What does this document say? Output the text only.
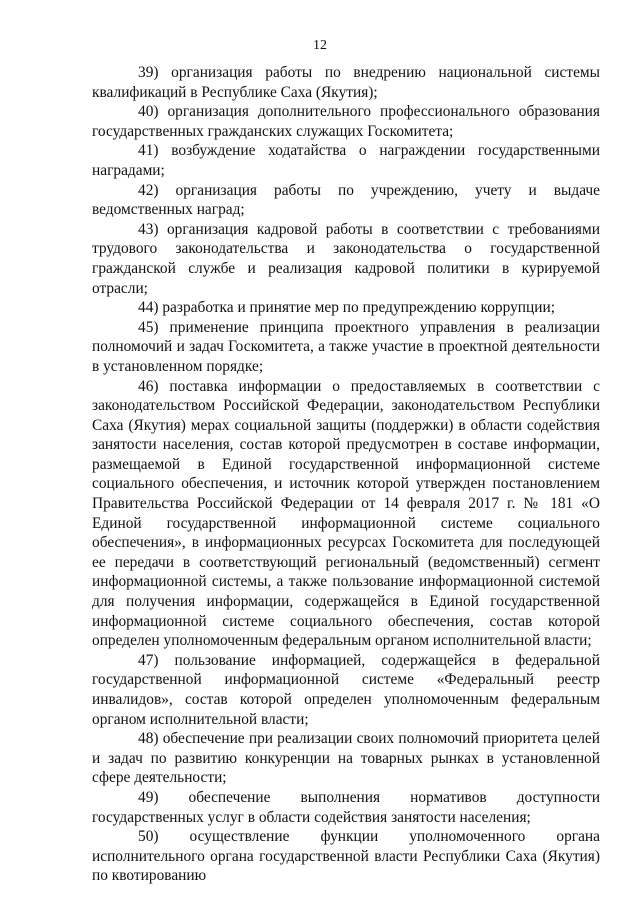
12

39) организация работы по внедрению национальной системы квалификаций в Республике Саха (Якутия);

40) организация дополнительного профессионального образования государственных гражданских служащих Госкомитета;

41) возбуждение ходатайства о награждении государственными наградами;

42) организация работы по учреждению, учету и выдаче ведомственных наград;

43) организация кадровой работы в соответствии с требованиями трудового законодательства и законодательства о государственной гражданской службе и реализация кадровой политики в курируемой отрасли;

44) разработка и принятие мер по предупреждению коррупции;

45) применение принципа проектного управления в реализации полномочий и задач Госкомитета, а также участие в проектной деятельности в установленном порядке;

46) поставка информации о предоставляемых в соответствии с законодательством Российской Федерации, законодательством Республики Саха (Якутия) мерах социальной защиты (поддержки) в области содействия занятости населения, состав которой предусмотрен в составе информации, размещаемой в Единой государственной информационной системе социального обеспечения, и источник которой утвержден постановлением Правительства Российской Федерации от 14 февраля 2017 г. № 181 «О Единой государственной информационной системе социального обеспечения», в информационных ресурсах Госкомитета для последующей ее передачи в соответствующий региональный (ведомственный) сегмент информационной системы, а также пользование информационной системой для получения информации, содержащейся в Единой государственной информационной системе социального обеспечения, состав которой определен уполномоченным федеральным органом исполнительной власти;

47) пользование информацией, содержащейся в федеральной государственной информационной системе «Федеральный реестр инвалидов», состав которой определен уполномоченным федеральным органом исполнительной власти;

48) обеспечение при реализации своих полномочий приоритета целей и задач по развитию конкуренции на товарных рынках в установленной сфере деятельности;

49) обеспечение выполнения нормативов доступности государственных услуг в области содействия занятости населения;

50) осуществление функции уполномоченного органа исполнительного органа государственной власти Республики Саха (Якутия) по квотированию
